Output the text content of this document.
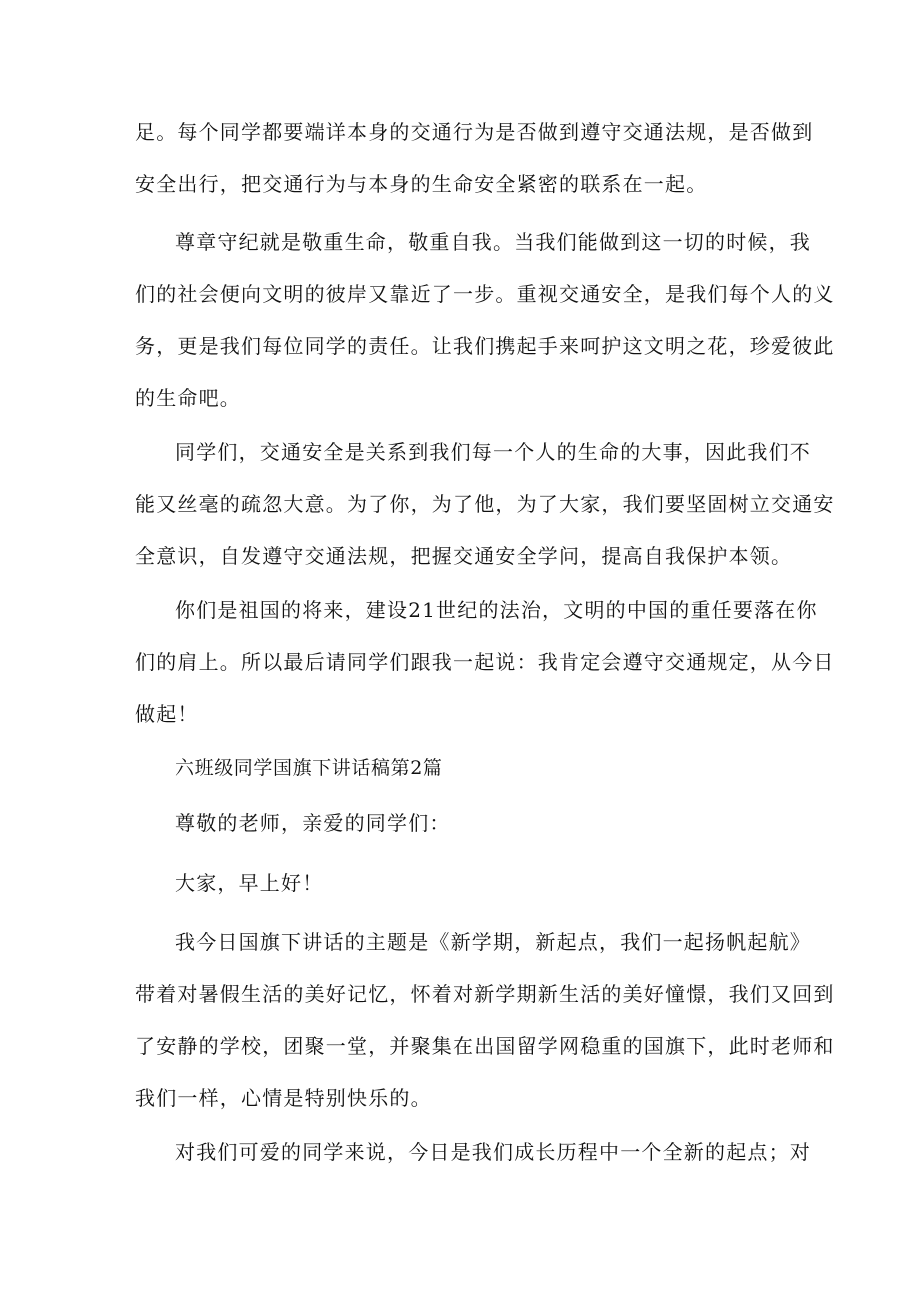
足。每个同学都要端详本身的交通行为是否做到遵守交通法规，是否做到
安全出行，把交通行为与本身的生命安全紧密的联系在一起。

尊章守纪就是敬重生命，敬重自我。当我们能做到这一切的时候，我
们的社会便向文明的彼岸又靠近了一步。重视交通安全，是我们每个人的义
务，更是我们每位同学的责任。让我们携起手来呵护这文明之花，珍爱彼此
的生命吧。

同学们，交通安全是关系到我们每一个人的生命的大事，因此我们不
能又丝毫的疏忽大意。为了你，为了他，为了大家，我们要坚固树立交通安
全意识，自发遵守交通法规，把握交通安全学问，提高自我保护本领。

你们是祖国的将来，建设21世纪的法治，文明的中国的重任要落在你
们的肩上。所以最后请同学们跟我一起说：我肯定会遵守交通规定，从今日
做起！

六班级同学国旗下讲话稿第2篇

尊敬的老师，亲爱的同学们：

大家，早上好！

我今日国旗下讲话的主题是《新学期，新起点，我们一起扬帆起航》
带着对暑假生活的美好记忆，怀着对新学期新生活的美好憧憬，我们又回到
了安静的学校，团聚一堂，并聚集在出国留学网稳重的国旗下，此时老师和
我们一样，心情是特别快乐的。

对我们可爱的同学来说，今日是我们成长历程中一个全新的起点；对
